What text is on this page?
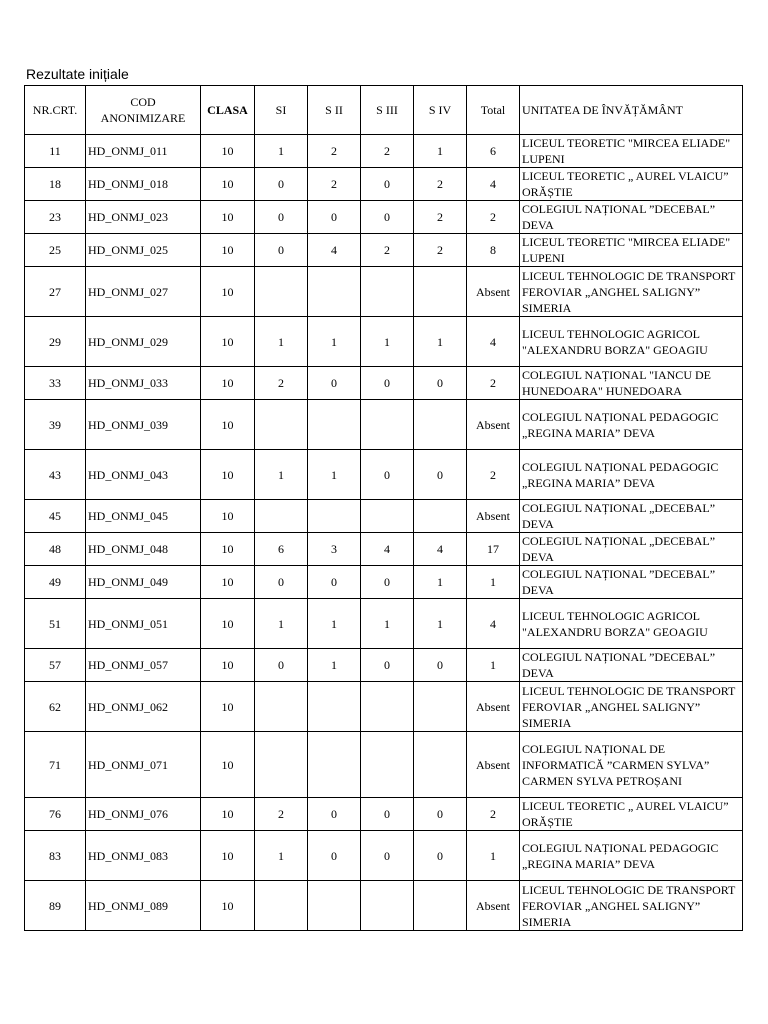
Rezultate inițiale
NR.CRT.	COD ANONIMIZARE	CLASA	SI	S II	S III	S IV	Total	UNITATEA DE ÎNVĂȚĂMÂNT
11	HD_ONMJ_011	10	1	2	2	1	6	LICEUL TEORETIC "MIRCEA ELIADE" LUPENI
18	HD_ONMJ_018	10	0	2	0	2	4	LICEUL TEORETIC „ AUREL VLAICU” ORĂȘTIE
23	HD_ONMJ_023	10	0	0	0	2	2	COLEGIUL NAȚIONAL ”DECEBAL” DEVA
25	HD_ONMJ_025	10	0	4	2	2	8	LICEUL TEORETIC "MIRCEA ELIADE" LUPENI
27	HD_ONMJ_027	10					Absent	LICEUL TEHNOLOGIC DE TRANSPORT FEROVIAR „ANGHEL SALIGNY” SIMERIA
29	HD_ONMJ_029	10	1	1	1	1	4	LICEUL TEHNOLOGIC AGRICOL "ALEXANDRU BORZA" GEOAGIU
33	HD_ONMJ_033	10	2	0	0	0	2	COLEGIUL NAȚIONAL "IANCU DE HUNEDOARA" HUNEDOARA
39	HD_ONMJ_039	10					Absent	COLEGIUL NAȚIONAL PEDAGOGIC „REGINA MARIA” DEVA
43	HD_ONMJ_043	10	1	1	0	0	2	COLEGIUL NAȚIONAL PEDAGOGIC „REGINA MARIA” DEVA
45	HD_ONMJ_045	10					Absent	COLEGIUL NAȚIONAL „DECEBAL” DEVA
48	HD_ONMJ_048	10	6	3	4	4	17	COLEGIUL NAȚIONAL „DECEBAL” DEVA
49	HD_ONMJ_049	10	0	0	0	1	1	COLEGIUL NAȚIONAL ”DECEBAL” DEVA
51	HD_ONMJ_051	10	1	1	1	1	4	LICEUL TEHNOLOGIC AGRICOL "ALEXANDRU BORZA" GEOAGIU
57	HD_ONMJ_057	10	0	1	0	0	1	COLEGIUL NAȚIONAL ”DECEBAL” DEVA
62	HD_ONMJ_062	10					Absent	LICEUL TEHNOLOGIC DE TRANSPORT FEROVIAR „ANGHEL SALIGNY” SIMERIA
71	HD_ONMJ_071	10					Absent	COLEGIUL NAȚIONAL DE INFORMATICĂ ”CARMEN SYLVA” CARMEN SYLVA PETROȘANI
76	HD_ONMJ_076	10	2	0	0	0	2	LICEUL TEORETIC „ AUREL VLAICU” ORĂȘTIE
83	HD_ONMJ_083	10	1	0	0	0	1	COLEGIUL NAȚIONAL PEDAGOGIC „REGINA MARIA” DEVA
89	HD_ONMJ_089	10					Absent	LICEUL TEHNOLOGIC DE TRANSPORT FEROVIAR „ANGHEL SALIGNY” SIMERIA
